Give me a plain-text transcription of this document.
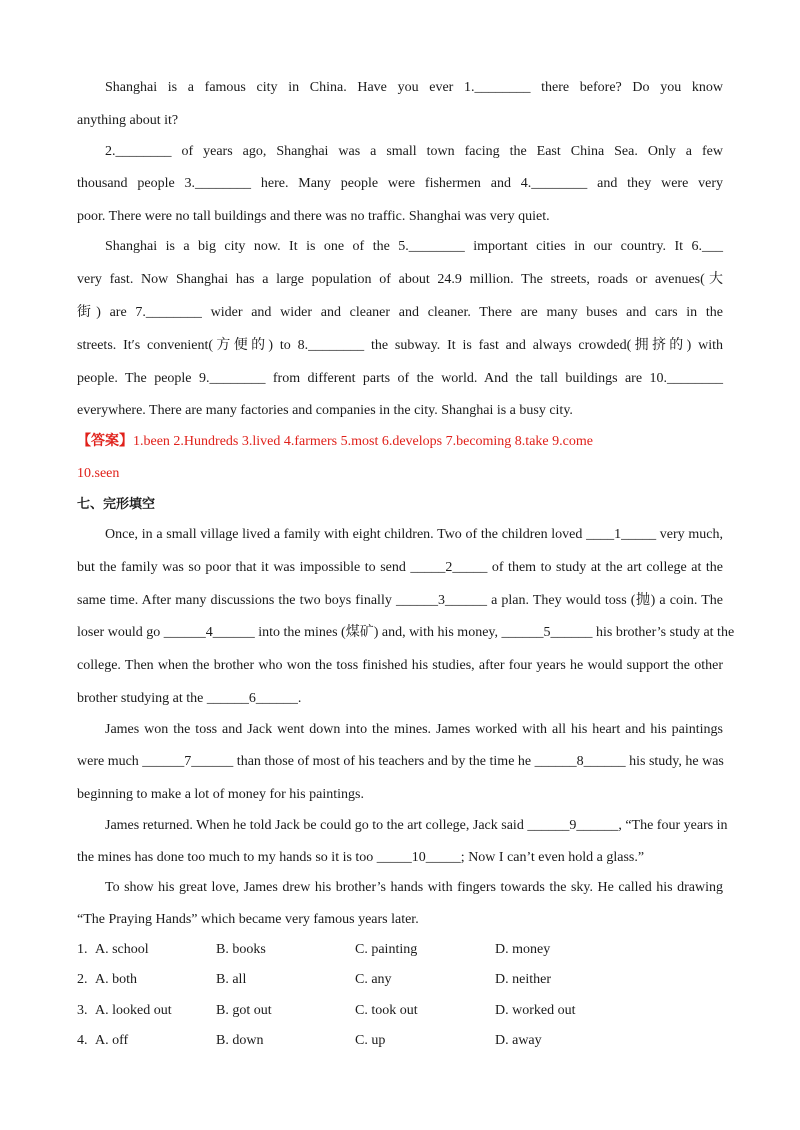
Shanghai is a famous city in China. Have you ever 1.________ there before? Do you know
anything about it?
2.________ of years ago, Shanghai was a small town facing the East China Sea. Only a few
thousand people 3.________ here. Many people were fishermen and 4.________ and they were very
poor. There were no tall buildings and there was no traffic. Shanghai was very quiet.
Shanghai is a big city now. It is one of the 5.________ important cities in our country. It 6.___
very fast. Now Shanghai has a large population of about 24.9 million. The streets, roads or avenues(大
街) are 7.________ wider and wider and cleaner and cleaner. There are many buses and cars in the
streets. It′s convenient(方便的) to 8.________ the subway. It is fast and always crowded(拥挤的) with
people. The people 9.________ from different parts of the world. And the tall buildings are 10.________
everywhere. There are many factories and companies in the city. Shanghai is a busy city.
【答案】1.been 2.Hundreds 3.lived 4.farmers 5.most 6.develops 7.becoming 8.take 9.come
10.seen
七、完形填空
Once, in a small village lived a family with eight children. Two of the children loved ____1_____ very much,
but the family was so poor that it was impossible to send _____2_____ of them to study at the art college at the
same time. After many discussions the two boys finally ______3______ a plan. They would toss (抛) a coin. The
loser would go ______4______ into the mines (煤矿) and, with his money, ______5______ his brother’s study at the
college. Then when the brother who won the toss finished his studies, after four years he would support the other
brother studying at the ______6______.
James won the toss and Jack went down into the mines. James worked with all his heart and his paintings
were much ______7______ than those of most of his teachers and by the time he ______8______ his study, he was
beginning to make a lot of money for his paintings.
James returned. When he told Jack be could go to the art college, Jack said ______9______, “The four years in
the mines has done too much to my hands so it is too _____10_____; Now I can’t even hold a glass.”
To show his great love, James drew his brother’s hands with fingers towards the sky. He called his drawing
“The Praying Hands” which became very famous years later.
1. A. school	B. books	C. painting	D. money
2. A. both	B. all	C. any	D. neither
3. A. looked out	B. got out	C. took out	D. worked out
4. A. off	B. down	C. up	D. away
